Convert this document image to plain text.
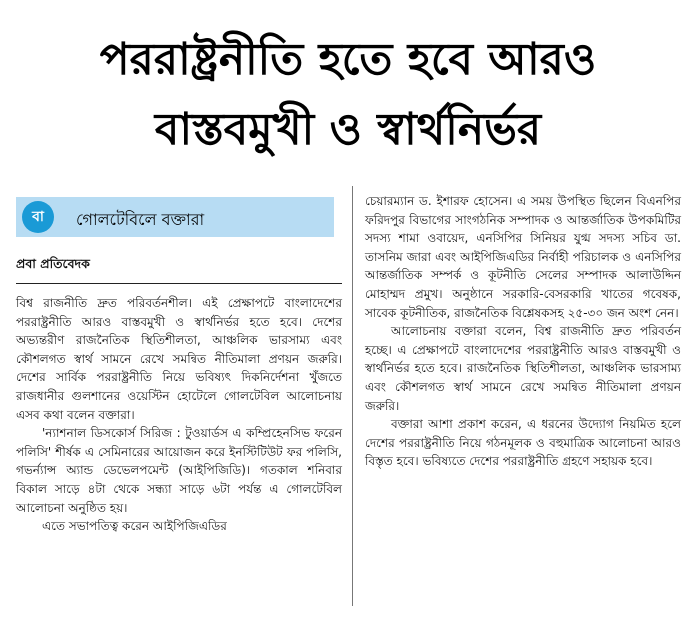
পররাষ্ট্রনীতি হতে হবে আরও
বাস্তবমুখী ও স্বার্থনির্ভর
বা	গোলটেবিলে বক্তারা
প্রবা প্রতিবেদক

বিশ্ব রাজনীতি দ্রুত পরিবর্তনশীল। এই প্রেক্ষাপটে বাংলাদেশের পররাষ্ট্রনীতি আরও বাস্তবমুখী ও স্বার্থনির্ভর হতে হবে। দেশের অভ্যন্তরীণ রাজনৈতিক স্থিতিশীলতা, আঞ্চলিক ভারসাম্য এবং কৌশলগত স্বার্থ সামনে রেখে সমন্বিত নীতিমালা প্রণয়ন জরুরি। দেশের সার্বিক পররাষ্ট্রনীতি নিয়ে ভবিষ্যৎ দিকনির্দেশনা খুঁজতে রাজধানীর গুলশানের ওয়েস্টিন হোটেলে গোলটেবিল আলোচনায় এসব কথা বলেন বক্তারা।

'ন্যাশনাল ডিসকোর্স সিরিজ : টুওয়ার্ডস এ কম্প্রিহেনসিভ ফরেন পলিসি' শীর্ষক এ সেমিনারের আয়োজন করে ইনস্টিটিউট ফর পলিসি, গভর্ন্যান্স অ্যান্ড ডেভেলপমেন্ট (আইপিজিডি)। গতকাল শনিবার বিকাল সাড়ে ৪টা থেকে সন্ধ্যা সাড়ে ৬টা পর্যন্ত এ গোলটেবিল আলোচনা অনুষ্ঠিত হয়।

এতে সভাপতিত্ব করেন আইপিজিএডির

চেয়ারম্যান ড. ইশারফ হোসেন। এ সময় উপস্থিত ছিলেন বিএনপির ফরিদপুর বিভাগের সাংগঠনিক সম্পাদক ও আন্তর্জাতিক উপকমিটির সদস্য শামা ওবায়েদ, এনসিপির সিনিয়র যুগ্ম সদস্য সচিব ডা. তাসনিম জারা এবং আইপিজিএডির নির্বাহী পরিচালক ও এনসিপির আন্তর্জাতিক সম্পর্ক ও কূটনীতি সেলের সম্পাদক আলাউদ্দিন মোহাম্মদ প্রমুখ। অনুষ্ঠানে সরকারি-বেসরকারি খাতের গবেষক, সাবেক কূটনীতিক, রাজনৈতিক বিশ্লেষকসহ ২৫-৩০ জন অংশ নেন।

আলোচনায় বক্তারা বলেন, বিশ্ব রাজনীতি দ্রুত পরিবর্তন হচ্ছে। এ প্রেক্ষাপটে বাংলাদেশের পররাষ্ট্রনীতি আরও বাস্তবমুখী ও স্বার্থনির্ভর হতে হবে। রাজনৈতিক স্থিতিশীলতা, আঞ্চলিক ভারসাম্য এবং কৌশলগত স্বার্থ সামনে রেখে সমন্বিত নীতিমালা প্রণয়ন জরুরি।

বক্তারা আশা প্রকাশ করেন, এ ধরনের উদ্যোগ নিয়মিত হলে দেশের পররাষ্ট্রনীতি নিয়ে গঠনমূলক ও বহুমাত্রিক আলোচনা আরও বিস্তৃত হবে। ভবিষ্যতে দেশের পররাষ্ট্রনীতি গ্রহণে সহায়ক হবে।
